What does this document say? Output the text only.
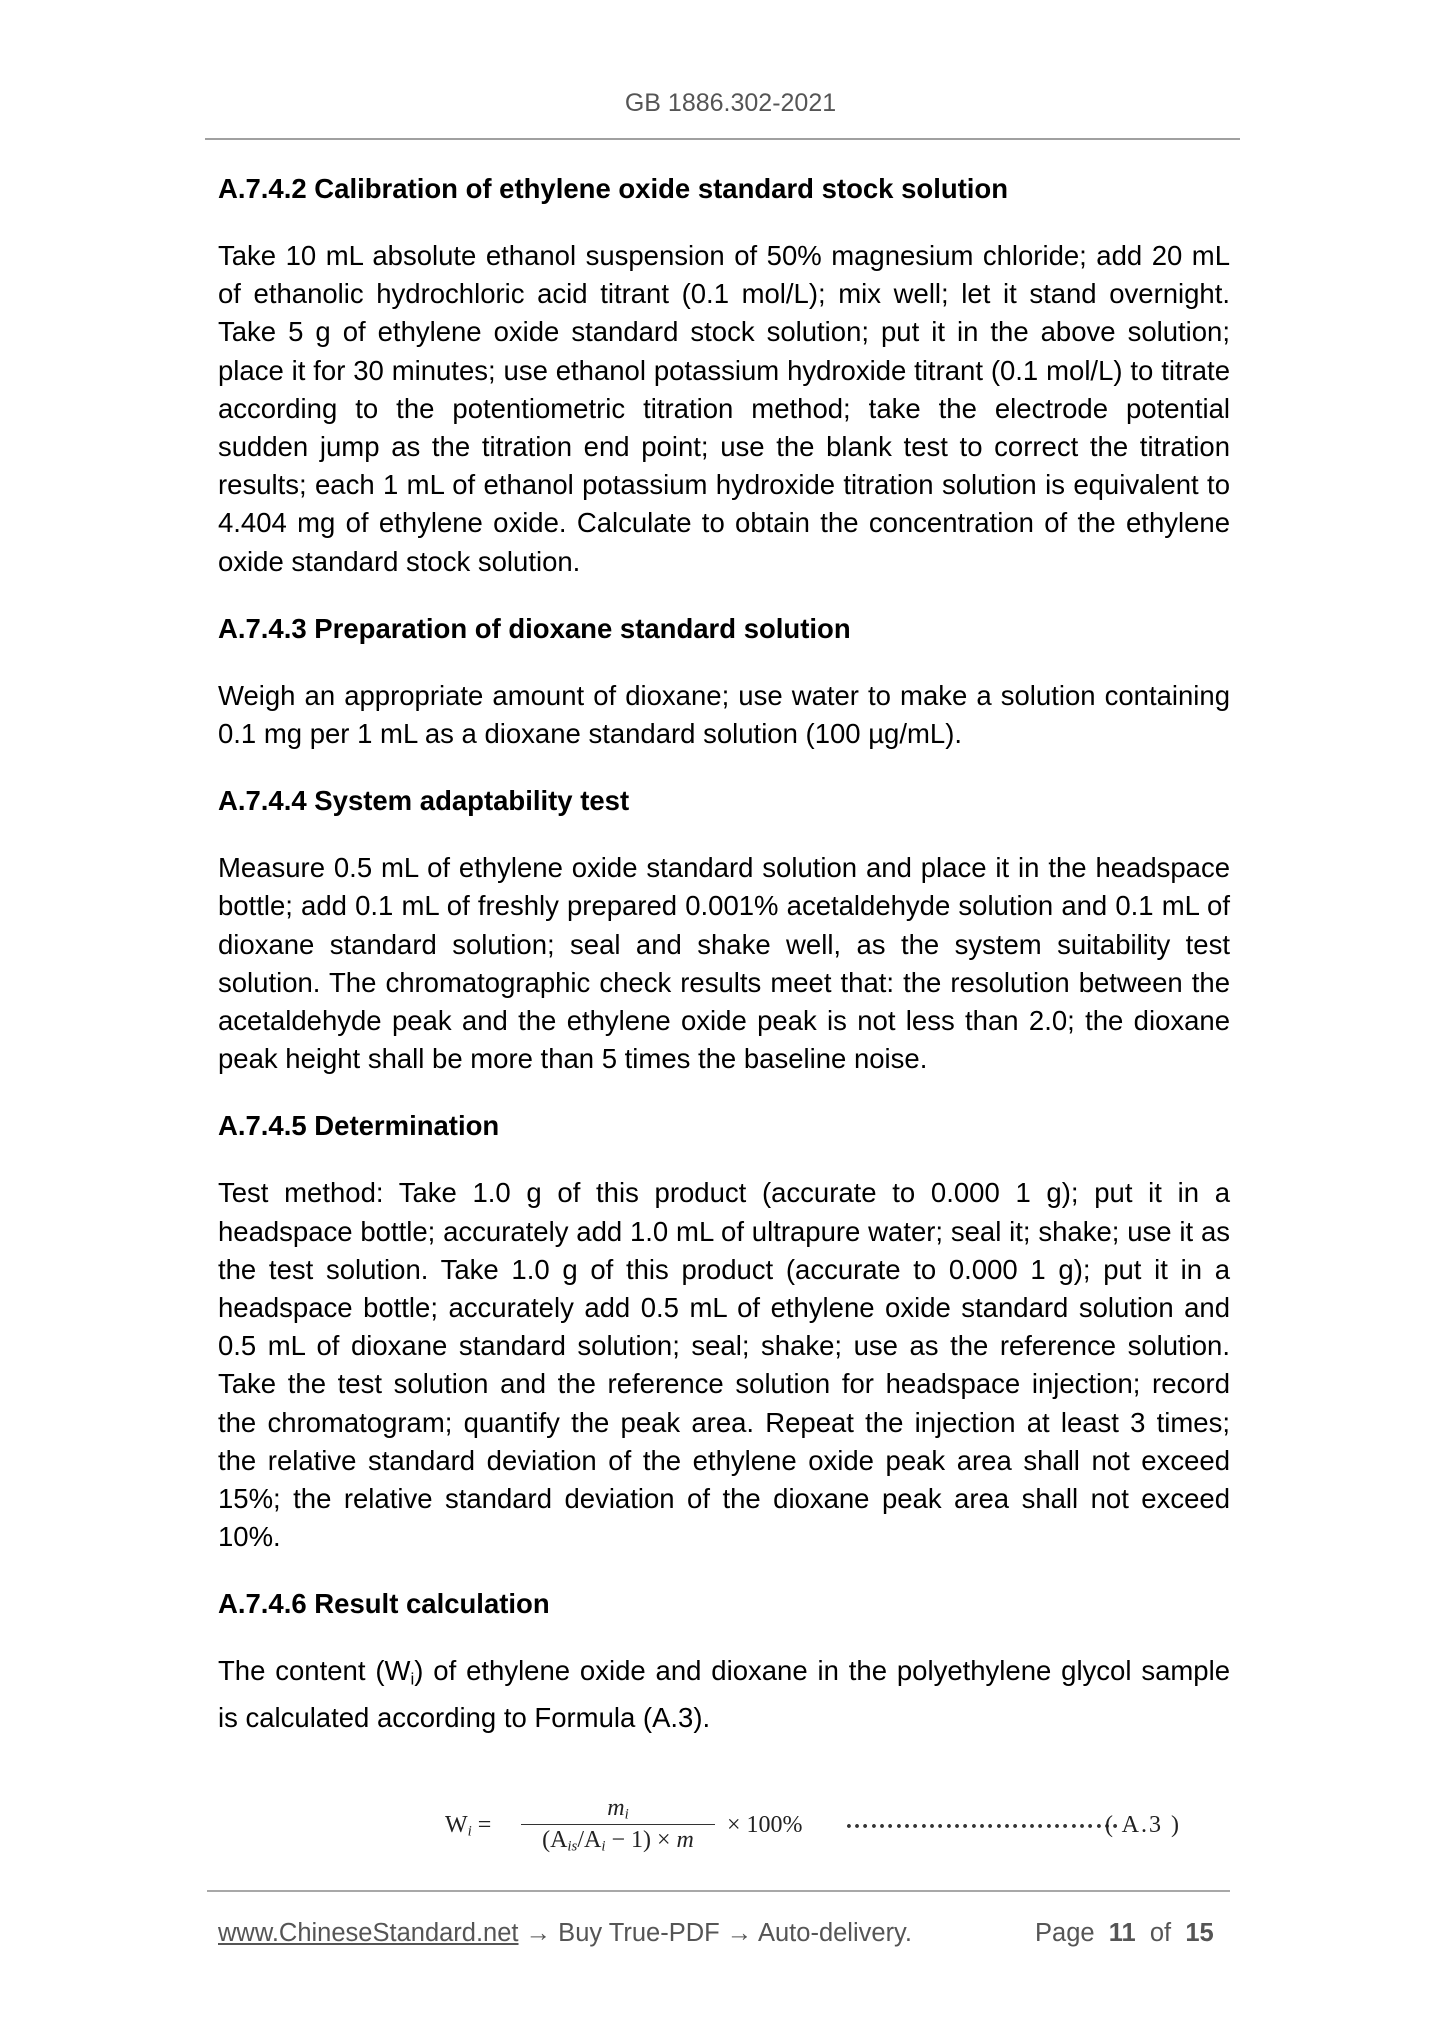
GB 1886.302-2021
A.7.4.2 Calibration of ethylene oxide standard stock solution

Take 10 mL absolute ethanol suspension of 50% magnesium chloride; add 20 mL of ethanolic hydrochloric acid titrant (0.1 mol/L); mix well; let it stand overnight. Take 5 g of ethylene oxide standard stock solution; put it in the above solution; place it for 30 minutes; use ethanol potassium hydroxide titrant (0.1 mol/L) to titrate according to the potentiometric titration method; take the electrode potential sudden jump as the titration end point; use the blank test to correct the titration results; each 1 mL of ethanol potassium hydroxide titration solution is equivalent to 4.404 mg of ethylene oxide. Calculate to obtain the concentration of the ethylene oxide standard stock solution.

A.7.4.3 Preparation of dioxane standard solution

Weigh an appropriate amount of dioxane; use water to make a solution containing 0.1 mg per 1 mL as a dioxane standard solution (100 µg/mL).

A.7.4.4 System adaptability test

Measure 0.5 mL of ethylene oxide standard solution and place it in the headspace bottle; add 0.1 mL of freshly prepared 0.001% acetaldehyde solution and 0.1 mL of dioxane standard solution; seal and shake well, as the system suitability test solution. The chromatographic check results meet that: the resolution between the acetaldehyde peak and the ethylene oxide peak is not less than 2.0; the dioxane peak height shall be more than 5 times the baseline noise.

A.7.4.5 Determination

Test method: Take 1.0 g of this product (accurate to 0.000 1 g); put it in a headspace bottle; accurately add 1.0 mL of ultrapure water; seal it; shake; use it as the test solution. Take 1.0 g of this product (accurate to 0.000 1 g); put it in a headspace bottle; accurately add 0.5 mL of ethylene oxide standard solution and 0.5 mL of dioxane standard solution; seal; shake; use as the reference solution. Take the test solution and the reference solution for headspace injection; record the chromatogram; quantify the peak area. Repeat the injection at least 3 times; the relative standard deviation of the ethylene oxide peak area shall not exceed 15%; the relative standard deviation of the dioxane peak area shall not exceed 10%.

A.7.4.6 Result calculation

The content $(W_i)$ of ethylene oxide and dioxane in the polyethylene glycol sample is calculated according to Formula (A.3).

$W_i$ =
$m_i$
$(A_{is}/A_i - 1) \times m$
× 100% ……………………………
( A.3 )
www.ChineseStandard.net → Buy True-PDF → Auto-delivery.	Page 11 of 15
